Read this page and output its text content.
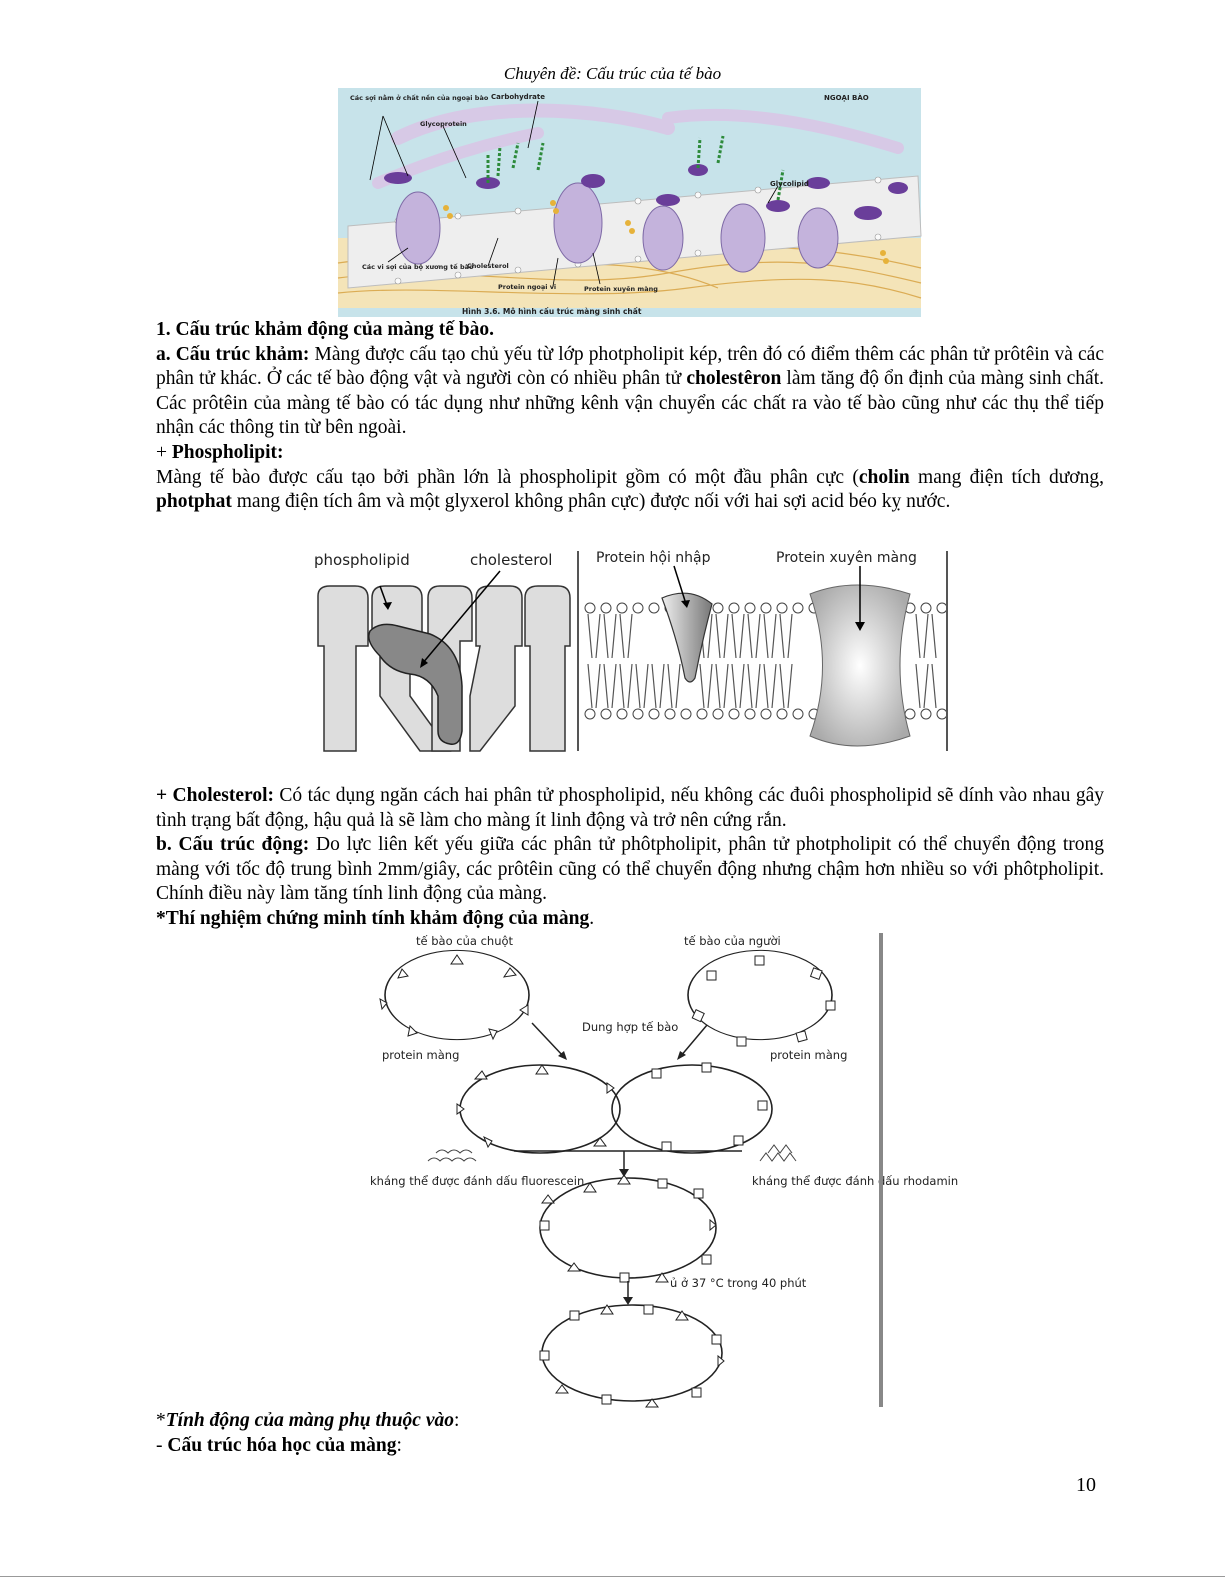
Chuyên đề: Cấu trúc của tế bào
Các sợi nằm ở chất nền của ngoại bào Carbohydrate
Glycoprotein
NGOẠI BÀO
Glycolipid
Các vi sợi của bộ xương tế bào
Cholesterol
Protein ngoại vi	Protein xuyên màng
Hình 3.6. Mô hình cấu trúc màng sinh chất
1. Cấu trúc khảm động của màng tế bào.
a. Cấu trúc khảm: Màng được cấu tạo chủ yếu từ lớp photpholipit kép, trên đó có điểm thêm các phân tử prôtêin và các phân tử khác. Ở các tế bào động vật và người còn có nhiều phân tử cholestêron làm tăng độ ổn định của màng sinh chất. Các prôtêin của màng tế bào có tác dụng như những kênh vận chuyển các chất ra vào tế bào cũng như các thụ thể tiếp nhận các thông tin từ bên ngoài.
+ Phospholipit:
Màng tế bào được cấu tạo bởi phần lớn là phospholipit gồm có một đầu phân cực (cholin mang điện tích dương, photphat mang điện tích âm và một glyxerol không phân cực) được nối với hai sợi acid béo kỵ nước.
phospholipid	cholesterol	Protein hội nhập	Protein xuyên màng
+ Cholesterol: Có tác dụng ngăn cách hai phân tử phospholipid, nếu không các đuôi phospholipid sẽ dính vào nhau gây tình trạng bất động, hậu quả là sẽ làm cho màng ít linh động và trở nên cứng rắn.
b. Cấu trúc động: Do lực liên kết yếu giữa các phân tử phôtpholipit, phân tử photpholipit có thể chuyển động trong màng với tốc độ trung bình 2mm/giây, các prôtêin cũng có thể chuyển động nhưng chậm hơn nhiều so với phôtpholipit. Chính điều này làm tăng tính linh động của màng.
*Thí nghiệm chứng minh tính khảm động của màng.
tế bào của chuột	tế bào của người
protein màng	protein màng
Dung hợp tế bào
kháng thể được đánh dấu fluorescein	kháng thể được đánh dấu rhodamin
ủ ở 37 °C trong 40 phút
*Tính động của màng phụ thuộc vào:
- Cấu trúc hóa học của màng:
10
